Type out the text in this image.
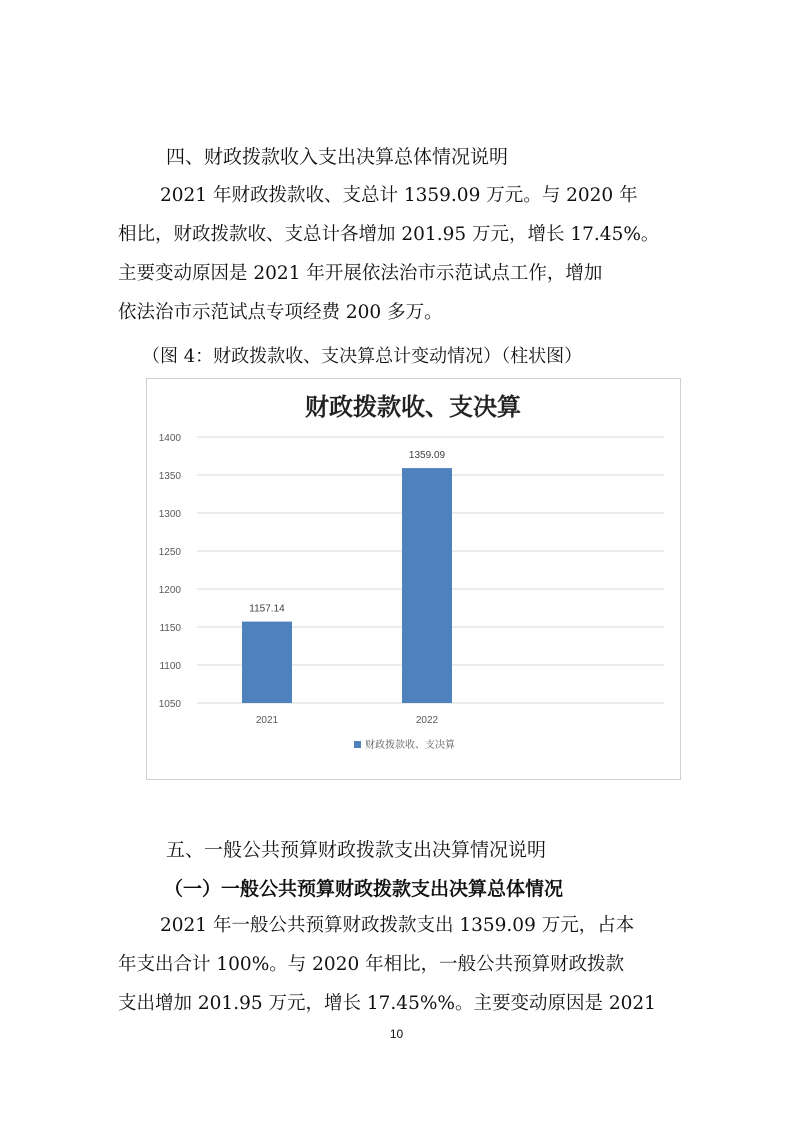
四、财政拨款收入支出决算总体情况说明
2021 年财政拨款收、支总计 1359.09 万元。与 2020 年
相比，财政拨款收、支总计各增加 201.95 万元，增长 17.45%。
主要变动原因是 2021 年开展依法治市示范试点工作，增加
依法治市示范试点专项经费 200 多万。
（图 4：财政拨款收、支决算总计变动情况）（柱状图）
财政拨款收、支决算
1050
1100
1150
1200
1250
1300
1350
1400
1157.14
1359.09
2021	2022
财政拨款收、支决算
五、一般公共预算财政拨款支出决算情况说明
（一）一般公共预算财政拨款支出决算总体情况
2021 年一般公共预算财政拨款支出 1359.09 万元，占本
年支出合计 100%。与 2020 年相比，一般公共预算财政拨款
支出增加 201.95 万元，增长 17.45%%。主要变动原因是 2021
10
